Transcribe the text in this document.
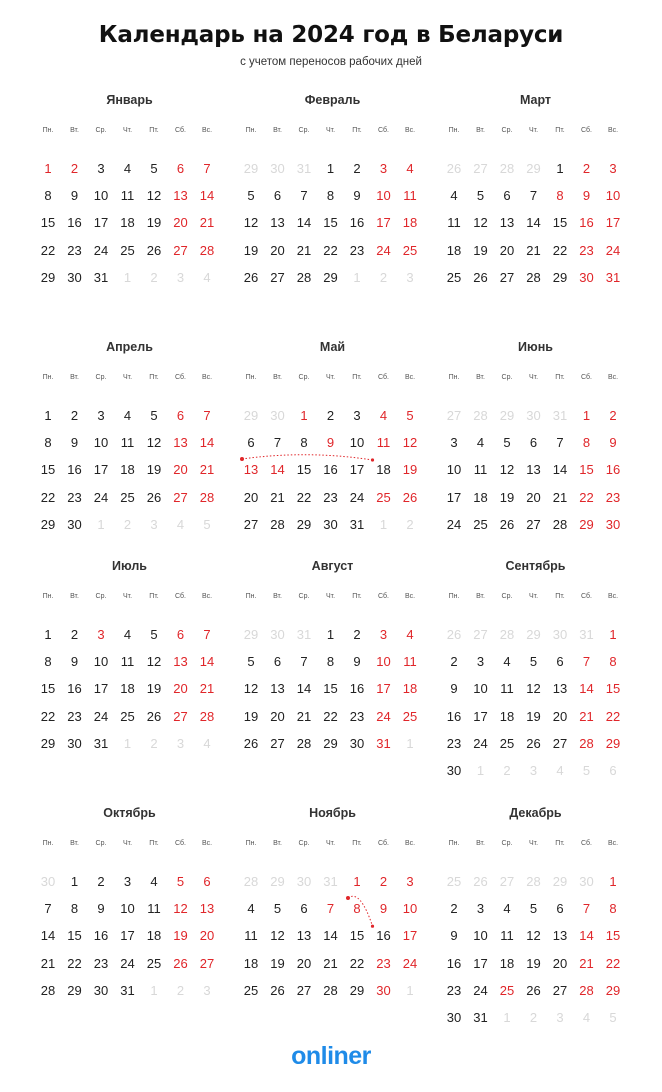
Календарь на 2024 год в Беларуси
с учетом переносов рабочих дней
Январь
Пн.	Вт.	Ср.	Чт.	Пт.	Сб.	Вс.
1	2	3	4	5	6	7
8	9	10 11 12 13 14
15 16 17 18 19 20 21
22 23 24 25 26 27 28
29 30 31	1	2	3	4
Февраль
Пн.	Вт.	Ср.	Чт.	Пт.	Сб.	Вс.
29 30 31	1	2	3	4
5	6	7	8	9	10 11
12 13 14 15 16 17 18
19 20 21 22 23 24 25
26 27 28 29	1	2	3
Март
Пн.	Вт.	Ср.	Чт.	Пт.	Сб.	Вс.
26 27 28 29	1	2	3
4	5	6	7	8	9	10
11 12 13 14 15 16 17
18 19 20 21 22 23 24
25 26 27 28 29 30 31
Апрель
Пн.	Вт.	Ср.	Чт.	Пт.	Сб.	Вс.
1	2	3	4	5	6	7
8	9	10 11 12 13 14
15 16 17 18 19 20 21
22 23 24 25 26 27 28
29 30	1	2	3	4	5
Май
Пн.	Вт.	Ср.	Чт.	Пт.	Сб.	Вс.
29 30	1	2	3	4	5
6	7	8	9	10 11 12
13 14 15 16 17 18 19
20 21 22 23 24 25 26
27 28 29 30 31	1	2
Июнь
Пн.	Вт.	Ср.	Чт.	Пт.	Сб.	Вс.
27 28 29 30 31	1	2
3	4	5	6	7	8	9
10 11 12 13 14 15 16
17 18 19 20 21 22 23
24 25 26 27 28 29 30
Июль
Пн.	Вт.	Ср.	Чт.	Пт.	Сб.	Вс.
1	2	3	4	5	6	7
8	9	10 11 12 13 14
15 16 17 18 19 20 21
22 23 24 25 26 27 28
29 30 31	1	2	3	4
Август
Пн.	Вт.	Ср.	Чт.	Пт.	Сб.	Вс.
29 30 31	1	2	3	4
5	6	7	8	9	10 11
12 13 14 15 16 17 18
19 20 21 22 23 24 25
26 27 28 29 30 31	1
Сентябрь
Пн.	Вт.	Ср.	Чт.	Пт.	Сб.	Вс.
26 27 28 29 30 31	1
2	3	4	5	6	7	8
9	10 11 12 13 14 15
16 17 18 19 20 21 22
23 24 25 26 27 28 29
30	1	2	3	4	5	6
Октябрь
Пн.	Вт.	Ср.	Чт.	Пт.	Сб.	Вс.
30	1	2	3	4	5	6
7	8	9	10 11 12 13
14 15 16 17 18 19 20
21 22 23 24 25 26 27
28 29 30 31	1	2	3
Ноябрь
Пн.	Вт.	Ср.	Чт.	Пт.	Сб.	Вс.
28 29 30 31	1	2	3
4	5	6	7	8	9	10
11 12 13 14 15 16 17
18 19 20 21 22 23 24
25 26 27 28 29 30	1
Декабрь
Пн.	Вт.	Ср.	Чт.	Пт.	Сб.	Вс.
25 26 27 28 29 30	1
2	3	4	5	6	7	8
9	10 11 12 13 14 15
16 17 18 19 20 21 22
23 24 25 26 27 28 29
30 31	1	2	3	4	5
onliner
